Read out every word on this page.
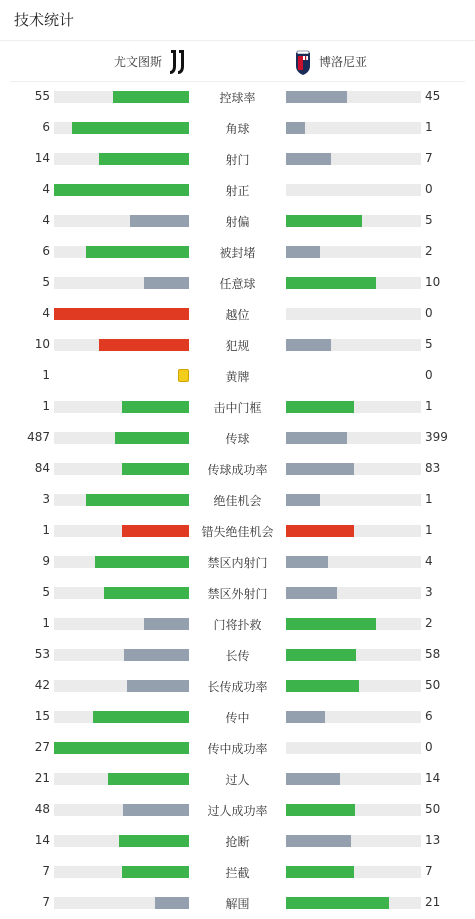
技术统计
尤文图斯	博洛尼亚
55	控球率	45
6	角球	1
14	射门	7
4	射正	0
4	射偏	5
6	被封堵	2
5	任意球	10
4	越位	0
10	犯规	5
1	黄牌	0
1	击中门框	1
487	传球	399
84	传球成功率	83
3	绝佳机会	1
1	错失绝佳机会	1
9	禁区内射门	4
5	禁区外射门	3
1	门将扑救	2
53	长传	58
42	长传成功率	50
15	传中	6
27	传中成功率	0
21	过人	14
48	过人成功率	50
14	抢断	13
7	拦截	7
7	解围	21
